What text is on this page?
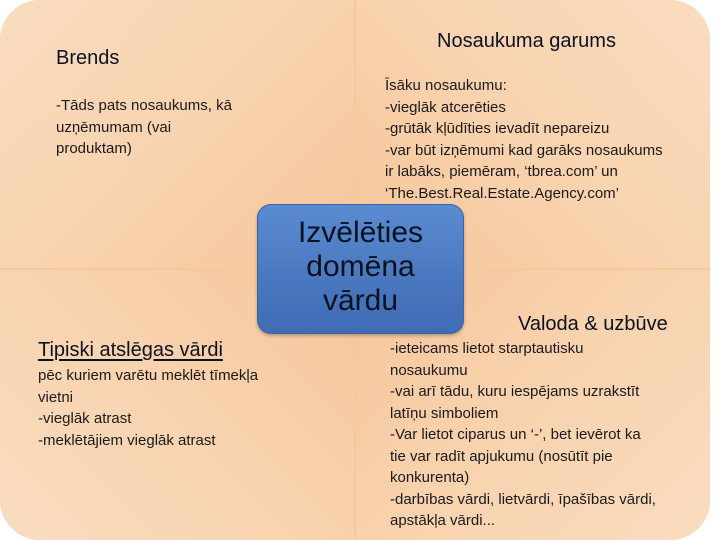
Brends
-Tāds pats nosaukums, kā
uzņēmumam (vai
produktam)
Nosaukuma garums
Īsāku nosaukumu:
-vieglāk atcerēties
-grūtāk kļūdīties ievadīt nepareizu
-var būt izņēmumi kad garāks nosaukums
ir labāks, piemēram, ‘tbrea.com’ un
‘The.Best.Real.Estate.Agency.com’
Tipiski atslēgas vārdi
pēc kuriem varētu meklēt tīmekļa
vietni
-vieglāk atrast
-meklētājiem vieglāk atrast
Valoda & uzbūve
-ieteicams lietot starptautisku
nosaukumu
-vai arī tādu, kuru iespējams uzrakstīt
latīņu simboliem
-Var lietot ciparus un ‘-’, bet ievērot ka
tie var radīt apjukumu (nosūtīt pie
konkurenta)
-darbības vārdi, lietvārdi, īpašības vārdi,
apstākļa vārdi...
Izvēlēties
domēna
vārdu
